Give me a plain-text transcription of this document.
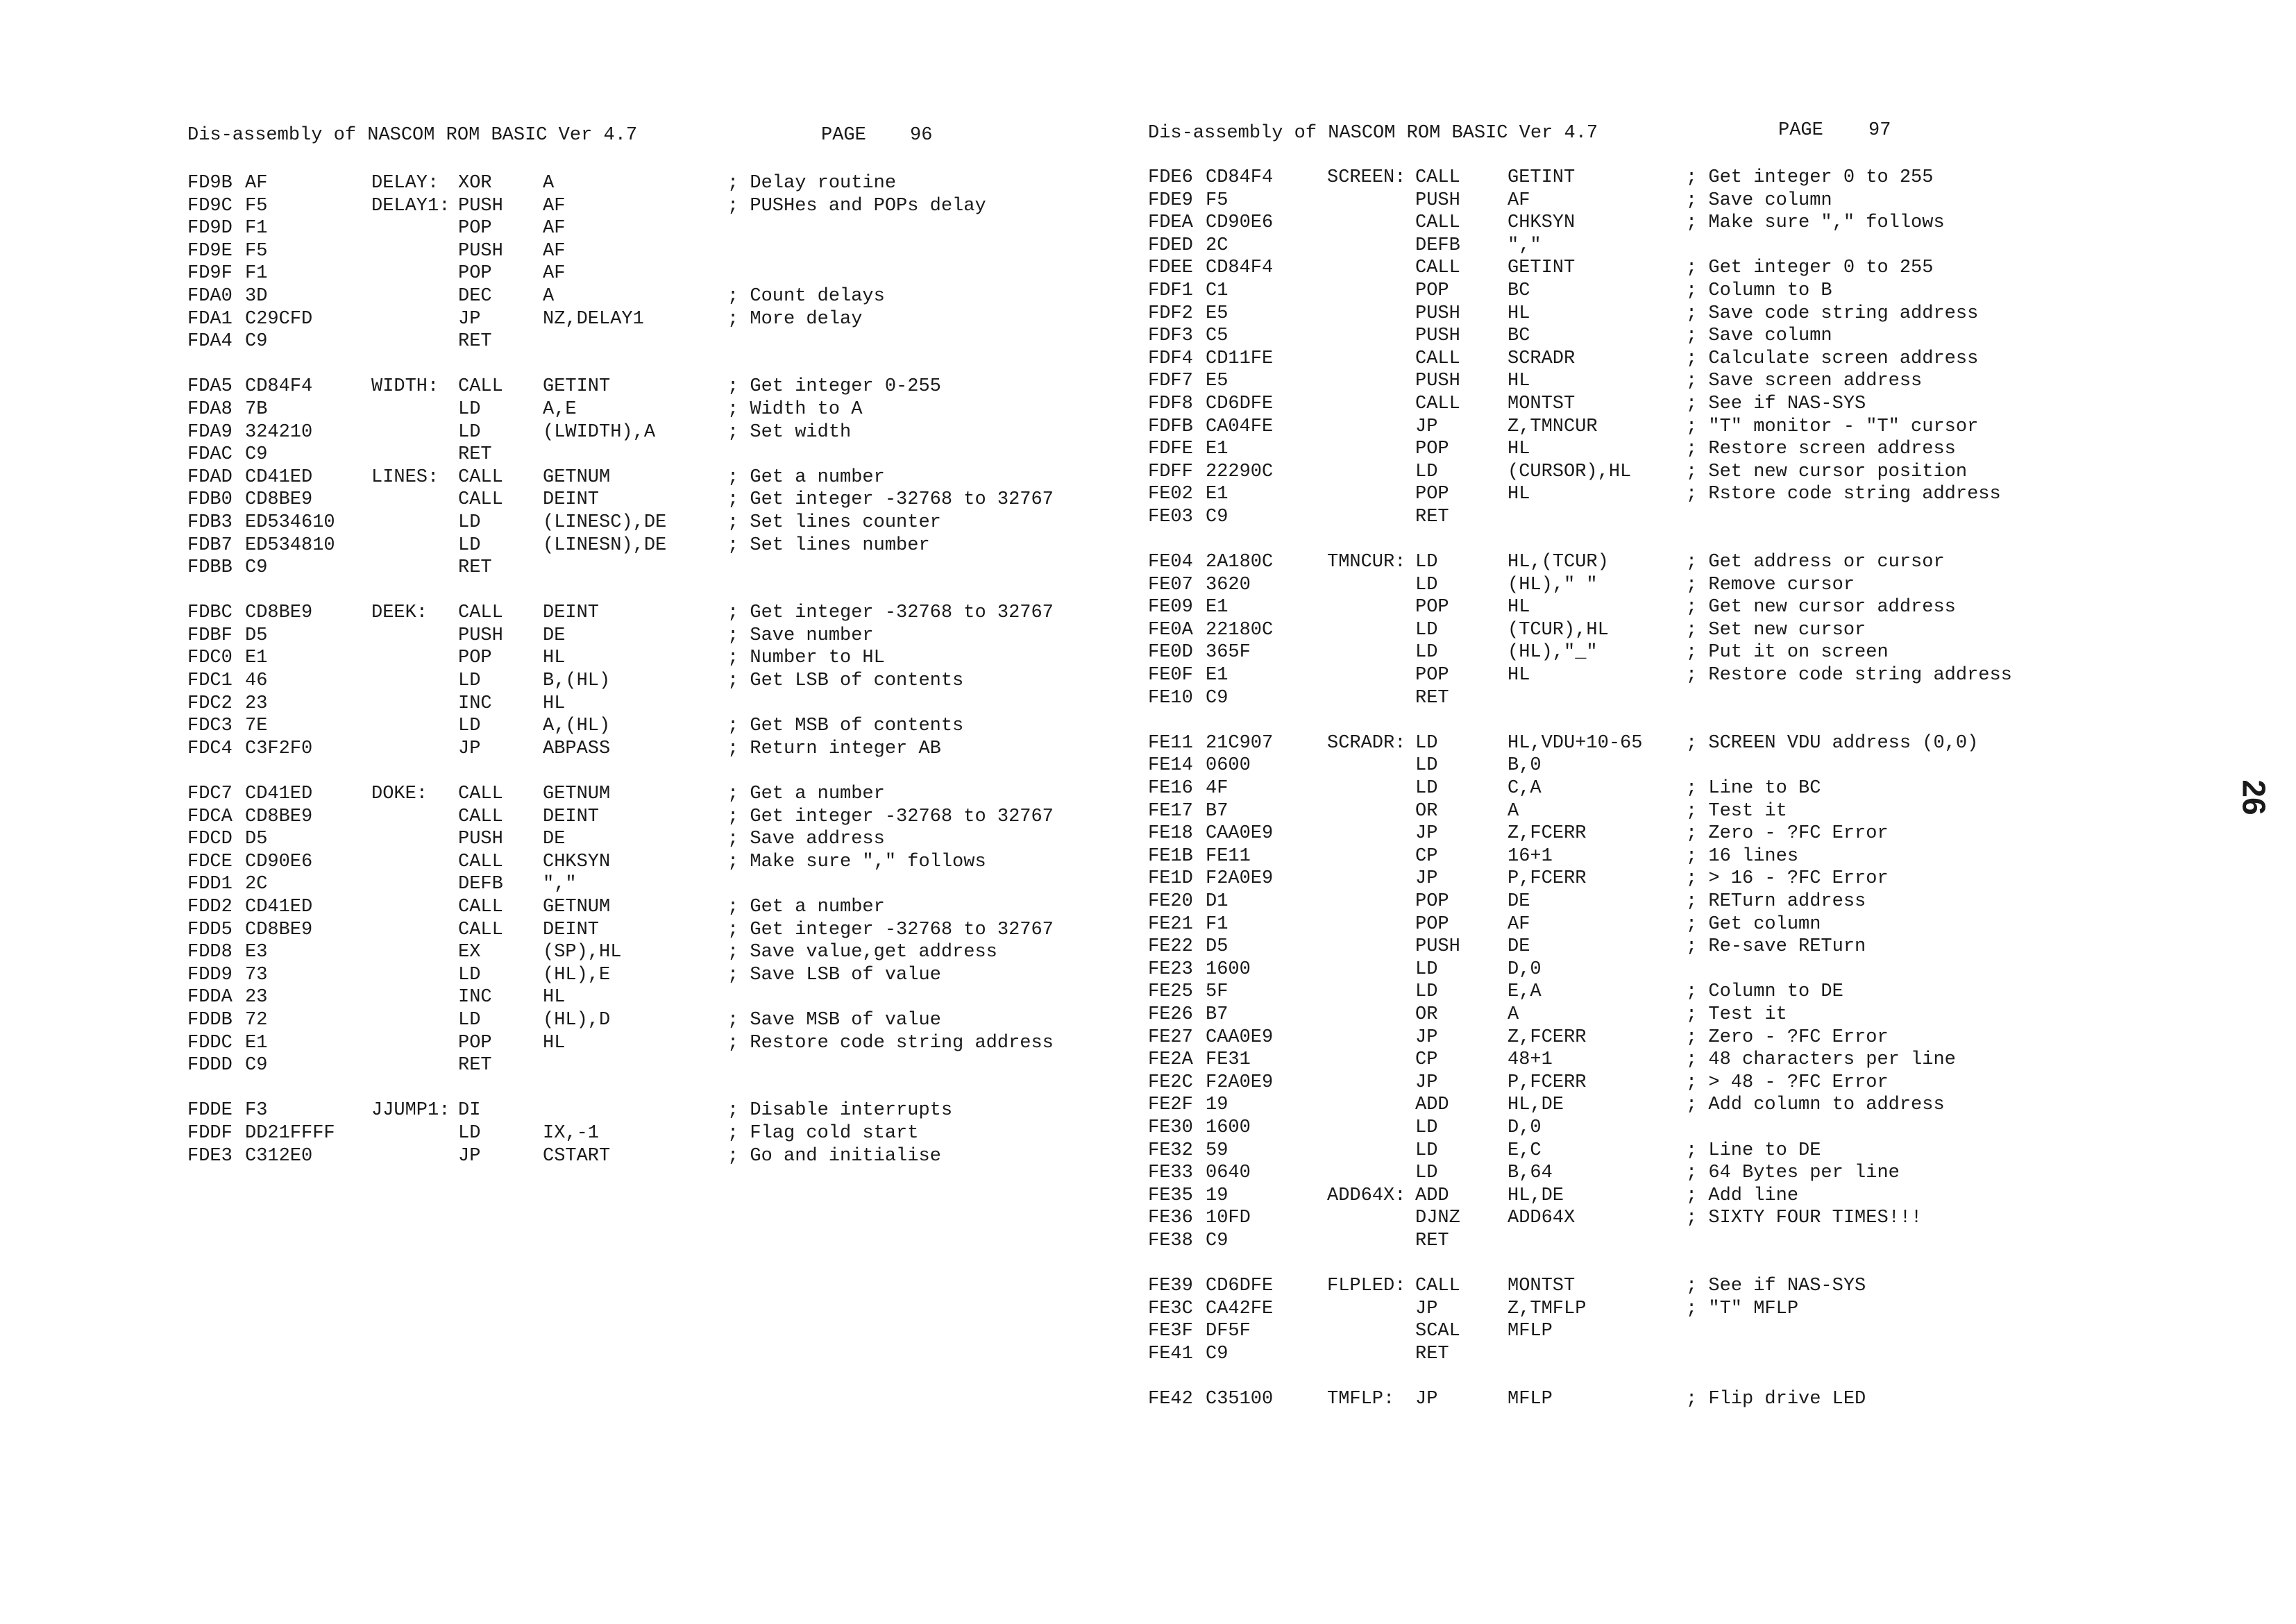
Dis-assembly of NASCOM ROM BASIC Ver 4.7	PAGE 96
FD9B AF	DELAY: XOR	A	; Delay routine
FD9C F5	DELAY1: PUSH AF	; PUSHes and POPs delay
FD9D F1	POP	AF
FD9E F5	PUSH AF
FD9F F1	POP	AF
FDA0 3D	DEC	A	; Count delays
FDA1 C29CFD	JP	NZ,DELAY1	; More delay
FDA4 C9	RET
FDA5 CD84F4	WIDTH: CALL GETINT	; Get integer 0-255
FDA8 7B	LD	A,E	; Width to A
FDA9 324210	LD	(LWIDTH),A	; Set width
FDAC C9	RET
FDAD CD41ED	LINES: CALL GETNUM	; Get a number
FDB0 CD8BE9	CALL DEINT	; Get integer -32768 to 32767
FDB3 ED534610	LD	(LINESC),DE	; Set lines counter
FDB7 ED534810	LD	(LINESN),DE	; Set lines number
FDBB C9	RET
FDBC CD8BE9	DEEK: CALL DEINT	; Get integer -32768 to 32767
FDBF D5	PUSH DE	; Save number
FDC0 E1	POP	HL	; Number to HL
FDC1 46	LD	B,(HL)	; Get LSB of contents
FDC2 23	INC	HL
FDC3 7E	LD	A,(HL)	; Get MSB of contents
FDC4 C3F2F0	JP	ABPASS	; Return integer AB
FDC7 CD41ED	DOKE: CALL GETNUM	; Get a number
FDCA CD8BE9	CALL DEINT	; Get integer -32768 to 32767
FDCD D5	PUSH DE	; Save address
FDCE CD90E6	CALL CHKSYN	; Make sure "," follows
FDD1 2C	DEFB ","
FDD2 CD41ED	CALL GETNUM	; Get a number
FDD5 CD8BE9	CALL DEINT	; Get integer -32768 to 32767
FDD8 E3	EX	(SP),HL	; Save value,get address
FDD9 73	LD	(HL),E	; Save LSB of value
FDDA 23	INC	HL
FDDB 72	LD	(HL),D	; Save MSB of value
FDDC E1	POP	HL	; Restore code string address
FDDD C9	RET
FDDE F3	JJUMP1: DI	; Disable interrupts
FDDF DD21FFFF	LD	IX,-1	; Flag cold start
FDE3 C312E0	JP	CSTART	; Go and initialise
Dis-assembly of NASCOM ROM BASIC Ver 4.7	PAGE 97
FDE6 CD84F4	SCREEN: CALL	GETINT	; Get integer 0 to 255
FDE9 F5	PUSH	AF	; Save column
FDEA CD90E6	CALL	CHKSYN	; Make sure "," follows
FDED 2C	DEFB	","
FDEE CD84F4	CALL	GETINT	; Get integer 0 to 255
FDF1 C1	POP	BC	; Column to B
FDF2 E5	PUSH	HL	; Save code string address
FDF3 C5	PUSH	BC	; Save column
FDF4 CD11FE	CALL	SCRADR	; Calculate screen address
FDF7 E5	PUSH	HL	; Save screen address
FDF8 CD6DFE	CALL	MONTST	; See if NAS-SYS
FDFB CA04FE	JP	Z,TMNCUR	; "T" monitor - "T" cursor
FDFE E1	POP	HL	; Restore screen address
FDFF 22290C	LD	(CURSOR),HL	; Set new cursor position
FE02 E1	POP	HL	; Rstore code string address
FE03 C9	RET
FE04 2A180C	TMNCUR: LD	HL,(TCUR)	; Get address or cursor
FE07 3620	LD	(HL)," "	; Remove cursor
FE09 E1	POP	HL	; Get new cursor address
FE0A 22180C	LD	(TCUR),HL	; Set new cursor
FE0D 365F	LD	(HL),"_"	; Put it on screen
FE0F E1	POP	HL	; Restore code string address
FE10 C9	RET
FE11 21C907	SCRADR: LD	HL,VDU+10-65 ; SCREEN VDU address (0,0)
FE14 0600	LD	B,0
FE16 4F	LD	C,A	; Line to BC
FE17 B7	OR	A	; Test it
FE18 CAA0E9	JP	Z,FCERR	; Zero - ?FC Error
FE1B FE11	CP	16+1	; 16 lines
FE1D F2A0E9	JP	P,FCERR	; > 16 - ?FC Error
FE20 D1	POP	DE	; RETurn address
FE21 F1	POP	AF	; Get column
FE22 D5	PUSH	DE	; Re-save RETurn
FE23 1600	LD	D,0
FE25 5F	LD	E,A	; Column to DE
FE26 B7	OR	A	; Test it
FE27 CAA0E9	JP	Z,FCERR	; Zero - ?FC Error
FE2A FE31	CP	48+1	; 48 characters per line
FE2C F2A0E9	JP	P,FCERR	; > 48 - ?FC Error
FE2F 19	ADD	HL,DE	; Add column to address
FE30 1600	LD	D,0
FE32 59	LD	E,C	; Line to DE
FE33 0640	LD	B,64	; 64 Bytes per line
FE35 19	ADD64X: ADD	HL,DE	; Add line
FE36 10FD	DJNZ	ADD64X	; SIXTY FOUR TIMES!!!
FE38 C9	RET
FE39 CD6DFE	FLPLED: CALL	MONTST	; See if NAS-SYS
FE3C CA42FE	JP	Z,TMFLP	; "T" MFLP
FE3F DF5F	SCAL	MFLP
FE41 C9	RET
FE42 C35100	TMFLP: JP	MFLP	; Flip drive LED
26
